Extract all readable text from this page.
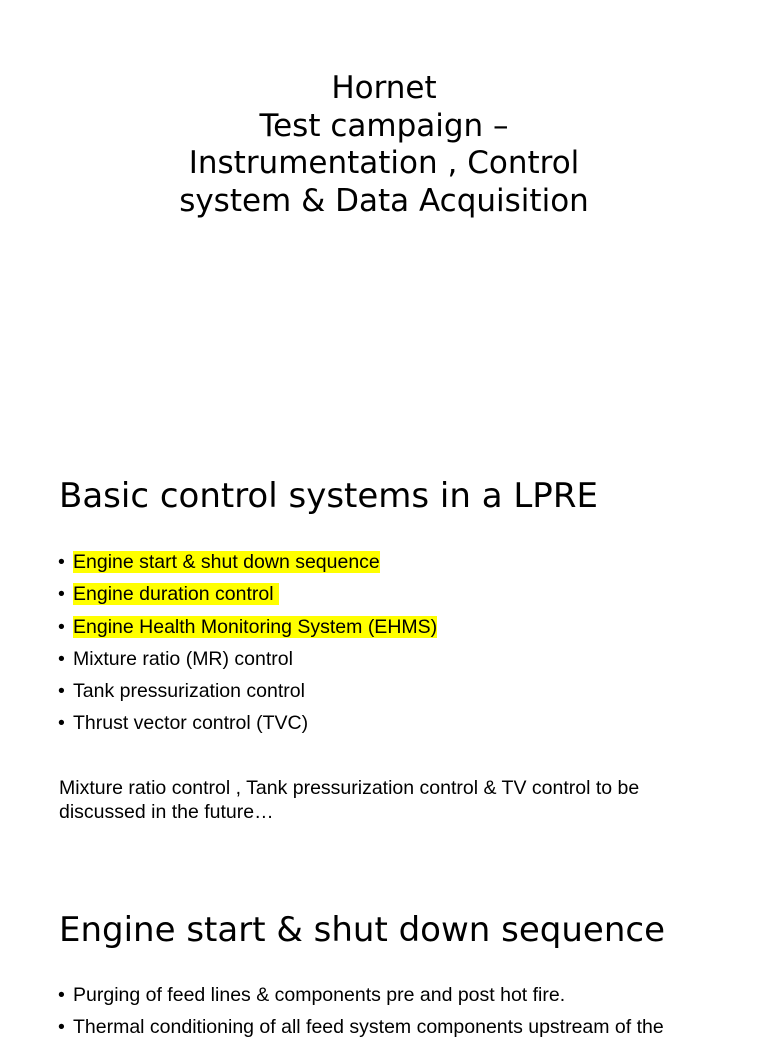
Hornet
Test campaign –
Instrumentation , Control
system & Data Acquisition
Basic control systems in a LPRE
• Engine start & shut down sequence
• Engine duration control
• Engine Health Monitoring System (EHMS)
• Mixture ratio (MR) control
• Tank pressurization control
• Thrust vector control (TVC)
Mixture ratio control , Tank pressurization control & TV control to be discussed in the future…
Engine start & shut down sequence
• Purging of feed lines & components pre and post hot fire.
• Thermal conditioning of all feed system components upstream of the
